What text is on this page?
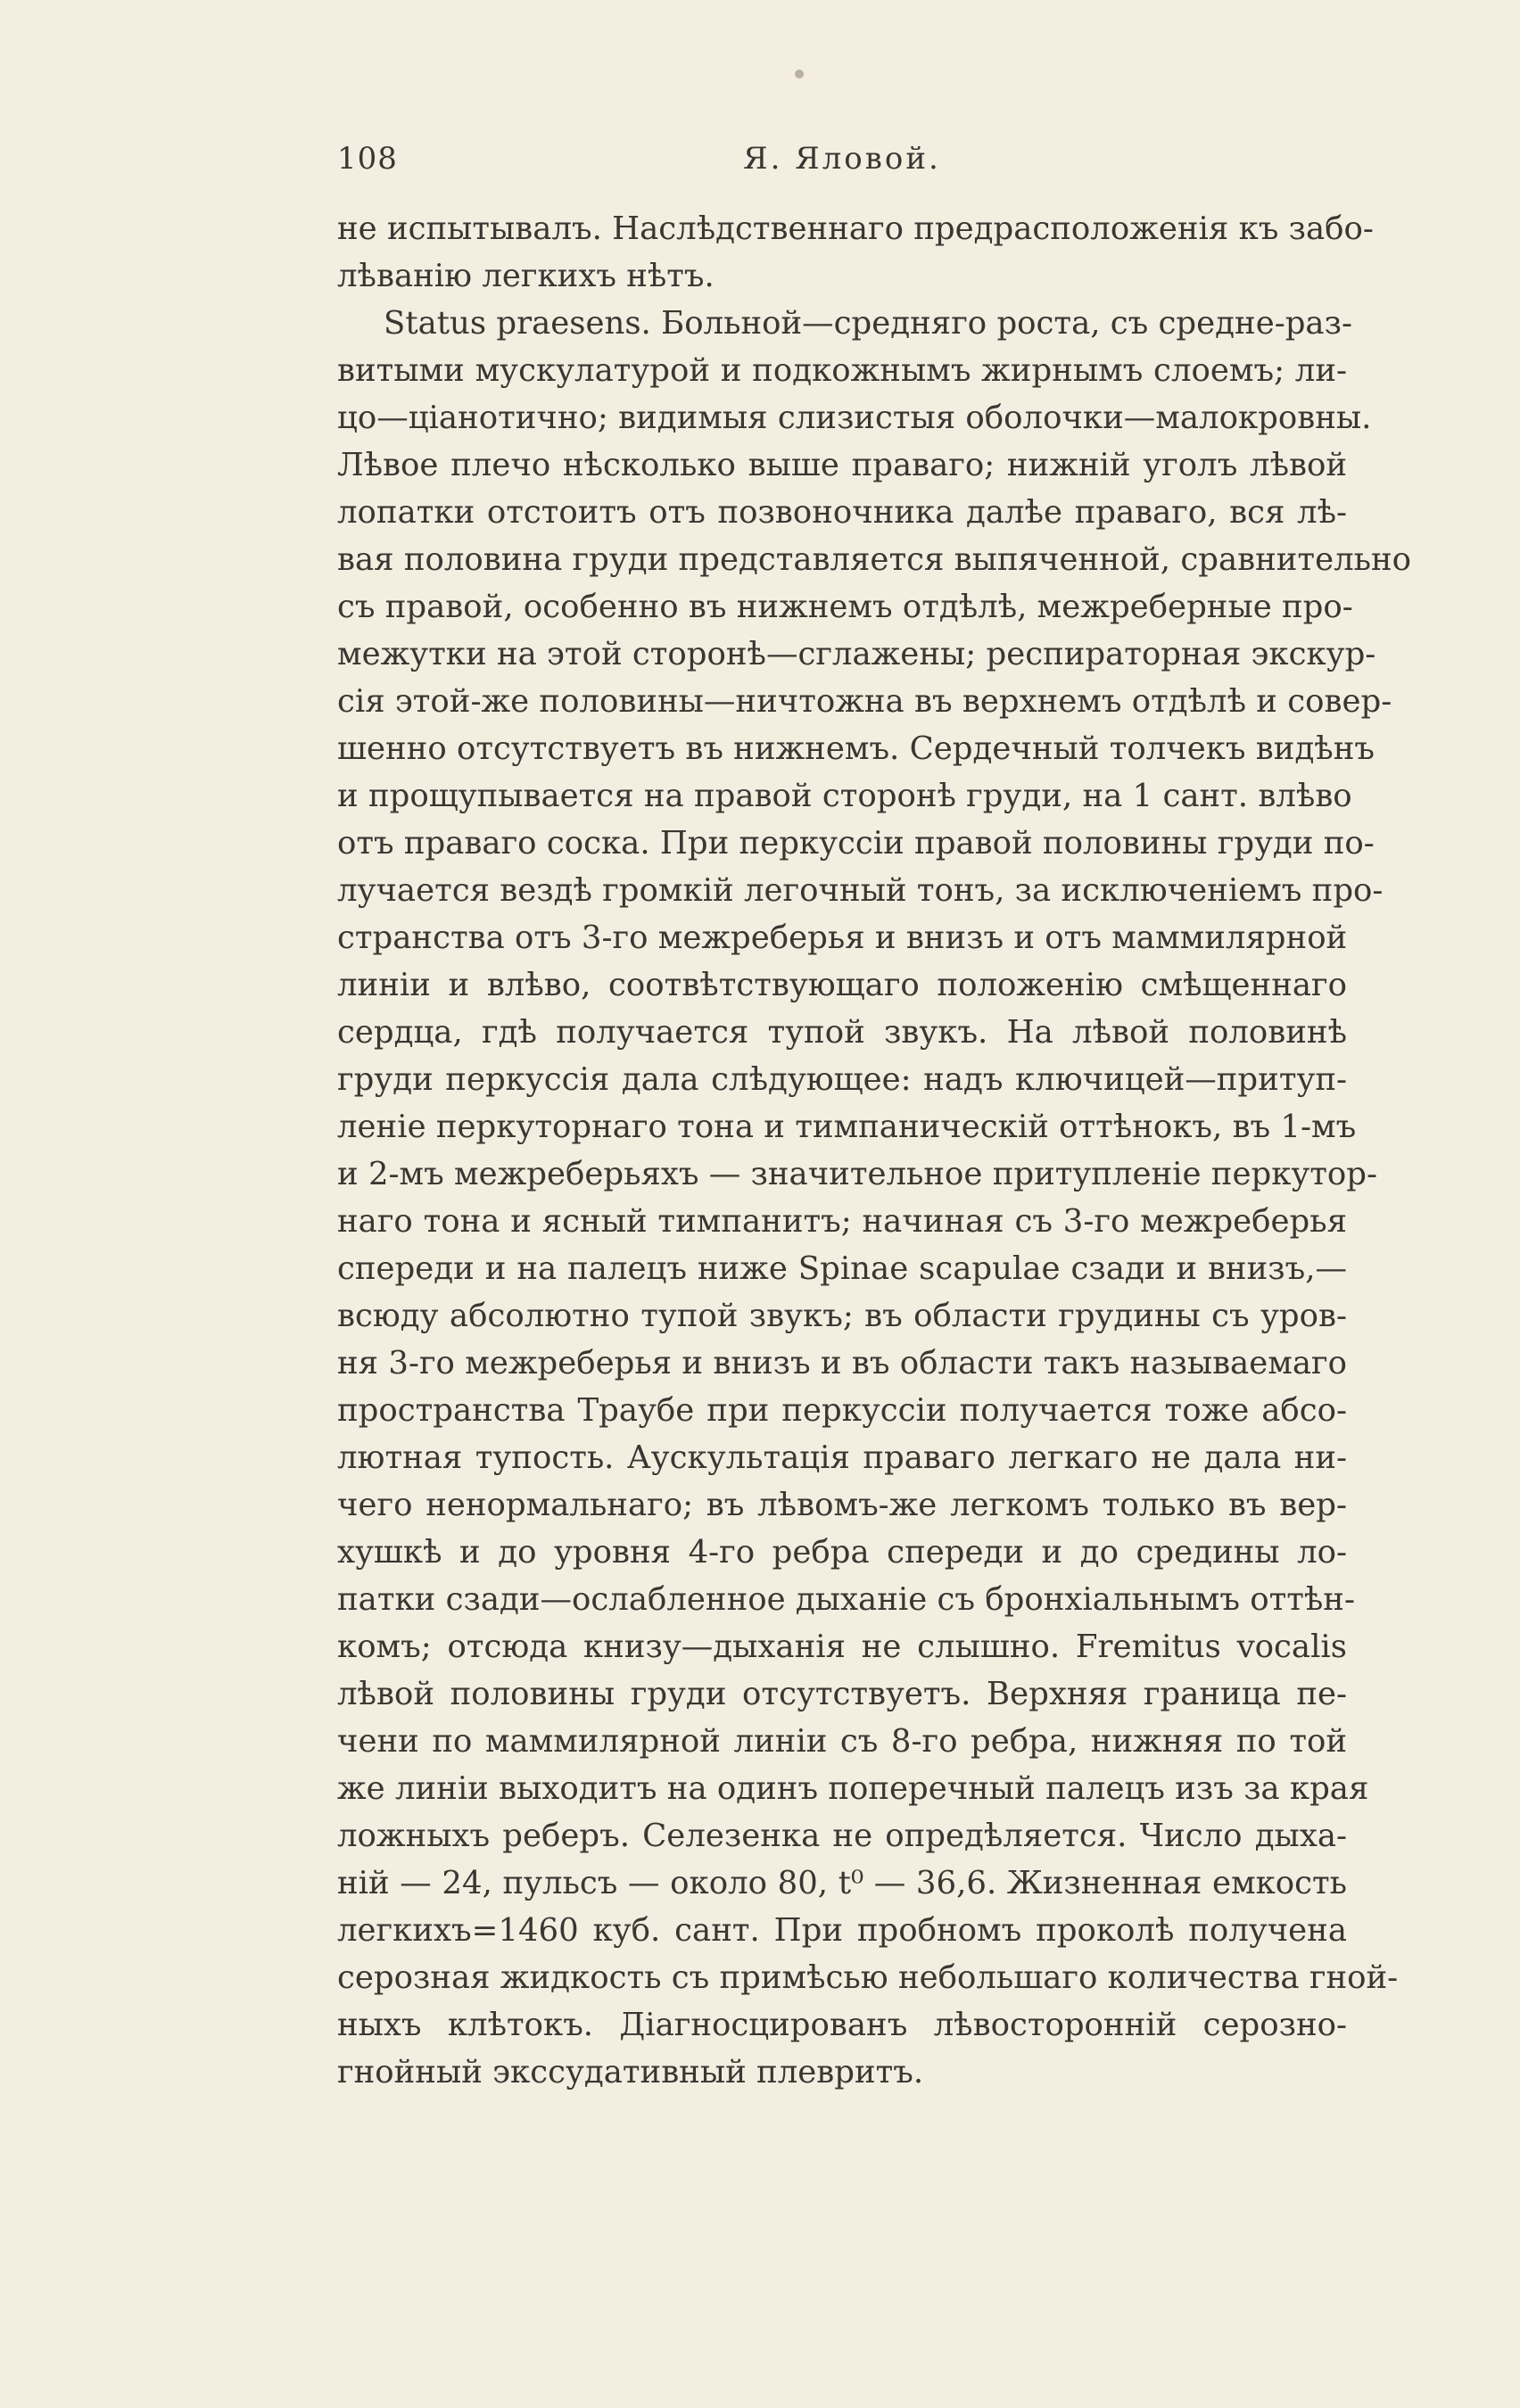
108	Я. Яловой.
не испытывалъ. Наслѣдственнаго предрасположенія къ забо-
лѣванію легкихъ нѣтъ.
Status praesens. Больной—средняго роста, съ средне-раз-
витыми мускулатурой и подкожнымъ жирнымъ слоемъ; ли-
цо—ціанотично; видимыя слизистыя оболочки—малокровны.
Лѣвое плечо нѣсколько выше праваго; нижній уголъ лѣвой
лопатки отстоитъ отъ позвоночника далѣе праваго, вся лѣ-
вая половина груди представляется выпяченной, сравнительно
съ правой, особенно въ нижнемъ отдѣлѣ, межреберные про-
межутки на этой сторонѣ—сглажены; респираторная экскур-
сія этой-же половины—ничтожна въ верхнемъ отдѣлѣ и совер-
шенно отсутствуетъ въ нижнемъ. Сердечный толчекъ видѣнъ
и прощупывается на правой сторонѣ груди, на 1 сант. влѣво
отъ праваго соска. При перкуссіи правой половины груди по-
лучается вездѣ громкій легочный тонъ, за исключеніемъ про-
странства отъ 3-го межреберья и внизъ и отъ маммилярной
линіи и влѣво, соотвѣтствующаго положенію смѣщеннаго
сердца, гдѣ получается тупой звукъ. На лѣвой половинѣ
груди перкуссія дала слѣдующее: надъ ключицей—притуп-
леніе перкуторнаго тона и тимпаническій оттѣнокъ, въ 1-мъ
и 2-мъ межреберьяхъ — значительное притупленіе перкутор-
наго тона и ясный тимпанитъ; начиная съ 3-го межреберья
спереди и на палецъ ниже Spinae scapulae сзади и внизъ,—
всюду абсолютно тупой звукъ; въ области грудины съ уров-
ня 3-го межреберья и внизъ и въ области такъ называемаго
пространства Траубе при перкуссіи получается тоже абсо-
лютная тупость. Аускультація праваго легкаго не дала ни-
чего ненормальнаго; въ лѣвомъ-же легкомъ только въ вер-
хушкѣ и до уровня 4-го ребра спереди и до средины ло-
патки сзади—ослабленное дыханіе съ бронхіальнымъ оттѣн-
комъ; отсюда книзу—дыханія не слышно. Fremitus vocalis
лѣвой половины груди отсутствуетъ. Верхняя граница пе-
чени по маммилярной линіи съ 8-го ребра, нижняя по той
же линіи выходитъ на одинъ поперечный палецъ изъ за края
ложныхъ реберъ. Селезенка не опредѣляется. Число дыха-
ній — 24, пульсъ — около 80, t⁰ — 36,6. Жизненная емкость
легкихъ=1460 куб. сант. При пробномъ проколѣ получена
серозная жидкость съ примѣсью небольшаго количества гной-
ныхъ клѣтокъ. Діагносцированъ лѣвосторонній серозно-
гнойный экссудативный плевритъ.
